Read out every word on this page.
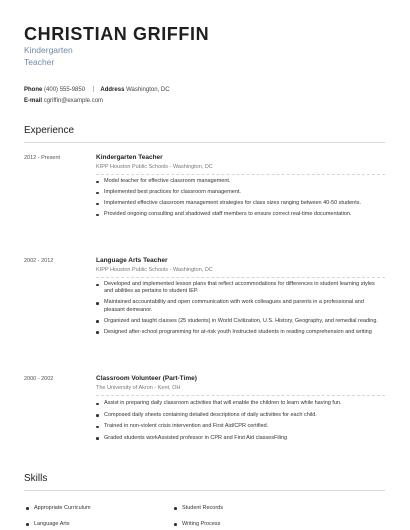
CHRISTIAN GRIFFIN
Kindergarten
Teacher
Phone (400) 555-9850	Address Washington, DC
E-mail cgriffin@example.com
Experience
2012 - Present	Kindergarten Teacher
KIPP Houston Public Schools - Washington, DC
Model teacher for effective classroom management.
Implemented best practices for classroom management.
Implemented effective classroom management strategies for class sizes ranging between 40-50 students.
Provided ongoing consulting and shadowed staff members to ensure correct real-time documentation.
2002 - 2012	Language Arts Teacher
KIPP Houston Public Schools - Washington, DC
Developed and implemented lesson plans that reflect accommodations for differences in student learning styles and abilities as pertains to student IEP.
Maintained accountability and open communication with work colleagues and parents in a professional and pleasant demeanor.
Organized and taught classes (25 students) in World Civilization, U.S. History, Geography, and remedial reading.
Designed after-school programming for at-risk youth Instructed students in reading comprehension and writing
2000 - 2002	Classroom Volunteer (Part-Time)
The University of Akron - Kent, OH
Assist in preparing daily classroom activities that will enable the children to learn while having fun.
Composed daily sheets containing detailed descriptions of daily activities for each child.
Trained in non-violent crisis intervention and First Aid/CPR certified.
Graded students workAssisted professor in CPR and First Aid classesFiling
Skills
Appropriate Curriculum	Student Records
Language Arts	Writing Process
